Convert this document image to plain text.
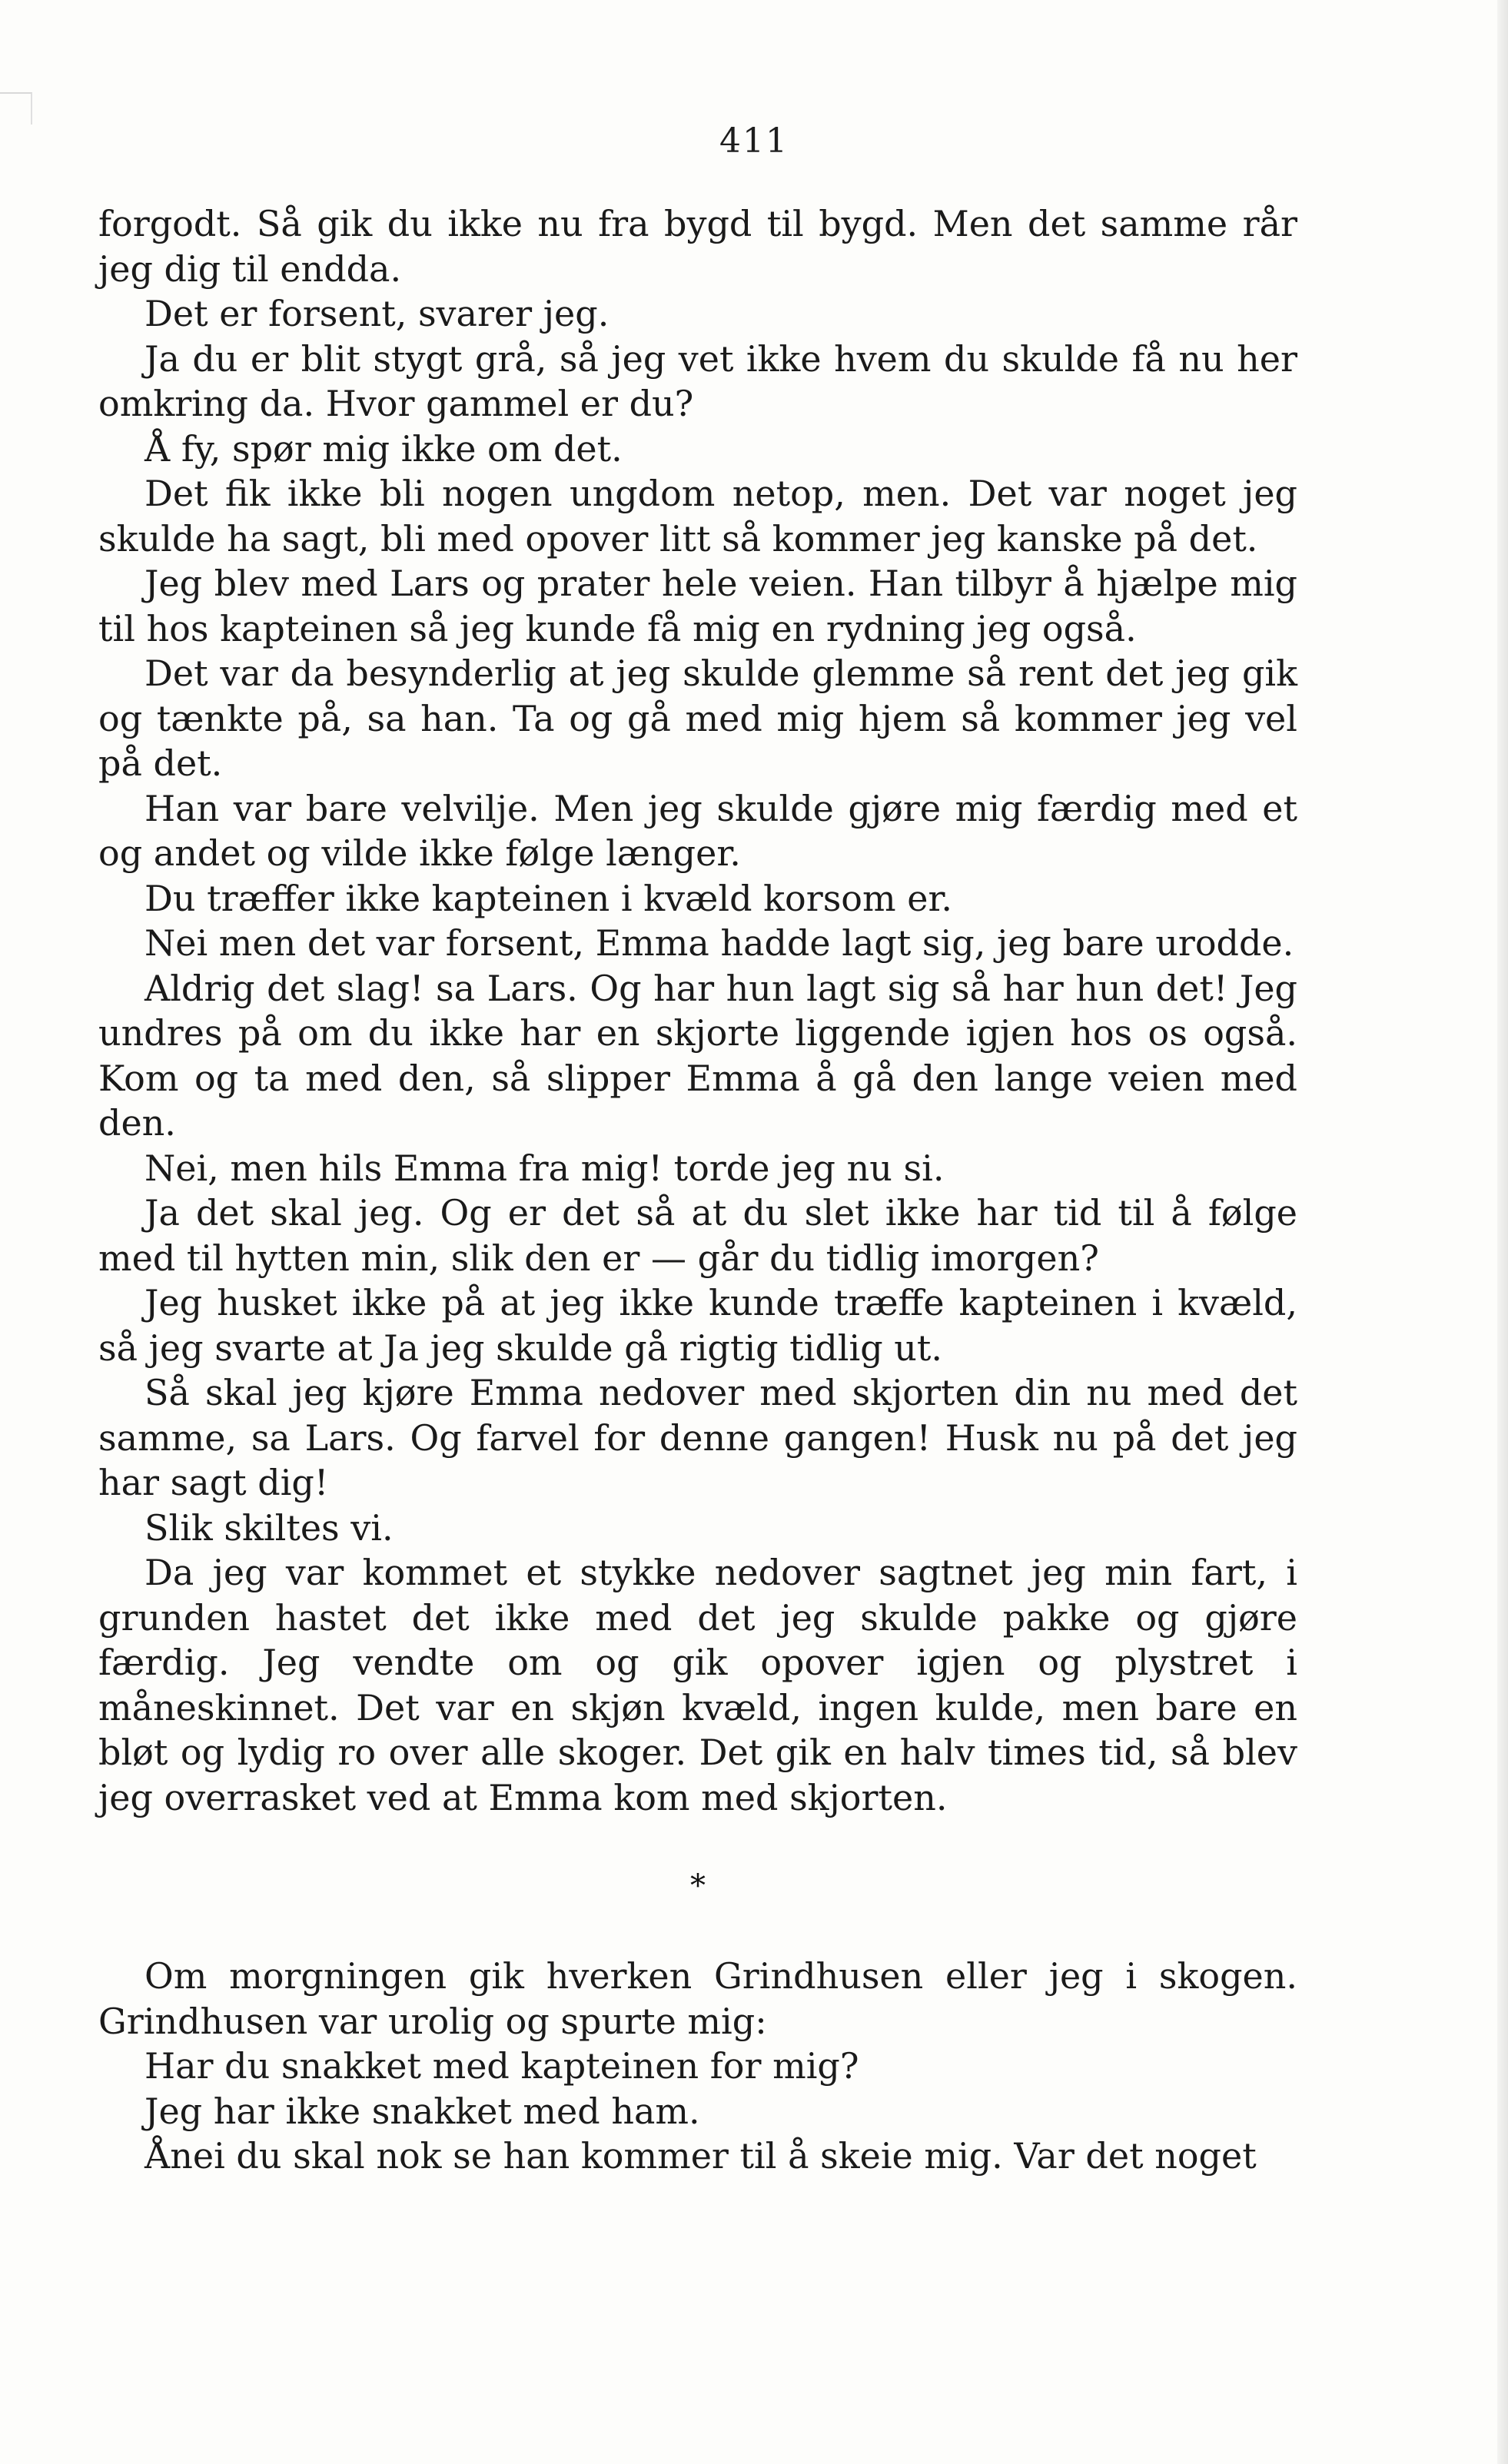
411

forgodt. Så gik du ikke nu fra bygd til bygd. Men det samme rår jeg dig til endda.

Det er forsent, svarer jeg.

Ja du er blit stygt grå, så jeg vet ikke hvem du skulde få nu her omkring da. Hvor gammel er du?

Å fy, spør mig ikke om det.

Det fik ikke bli nogen ungdom netop, men. Det var noget jeg skulde ha sagt, bli med opover litt så kommer jeg kanske på det.

Jeg blev med Lars og prater hele veien. Han tilbyr å hjælpe mig til hos kapteinen så jeg kunde få mig en rydning jeg også.

Det var da besynderlig at jeg skulde glemme så rent det jeg gik og tænkte på, sa han. Ta og gå med mig hjem så kommer jeg vel på det.

Han var bare velvilje. Men jeg skulde gjøre mig færdig med et og andet og vilde ikke følge længer.

Du træffer ikke kapteinen i kvæld korsom er.

Nei men det var forsent, Emma hadde lagt sig, jeg bare urodde.

Aldrig det slag! sa Lars. Og har hun lagt sig så har hun det! Jeg undres på om du ikke har en skjorte liggende igjen hos os også. Kom og ta med den, så slipper Emma å gå den lange veien med den.

Nei, men hils Emma fra mig! torde jeg nu si.

Ja det skal jeg. Og er det så at du slet ikke har tid til å følge med til hytten min, slik den er — går du tidlig imorgen?

Jeg husket ikke på at jeg ikke kunde træffe kapteinen i kvæld, så jeg svarte at Ja jeg skulde gå rigtig tidlig ut.

Så skal jeg kjøre Emma nedover med skjorten din nu med det samme, sa Lars. Og farvel for denne gangen! Husk nu på det jeg har sagt dig!

Slik skiltes vi.

Da jeg var kommet et stykke nedover sagtnet jeg min fart, i grunden hastet det ikke med det jeg skulde pakke og gjøre færdig. Jeg vendte om og gik opover igjen og plystret i måneskinnet. Det var en skjøn kvæld, ingen kulde, men bare en bløt og lydig ro over alle skoger. Det gik en halv times tid, så blev jeg overrasket ved at Emma kom med skjorten.

*

Om morgningen gik hverken Grindhusen eller jeg i skogen. Grindhusen var urolig og spurte mig:

Har du snakket med kapteinen for mig?

Jeg har ikke snakket med ham.

Ånei du skal nok se han kommer til å skeie mig. Var det noget
